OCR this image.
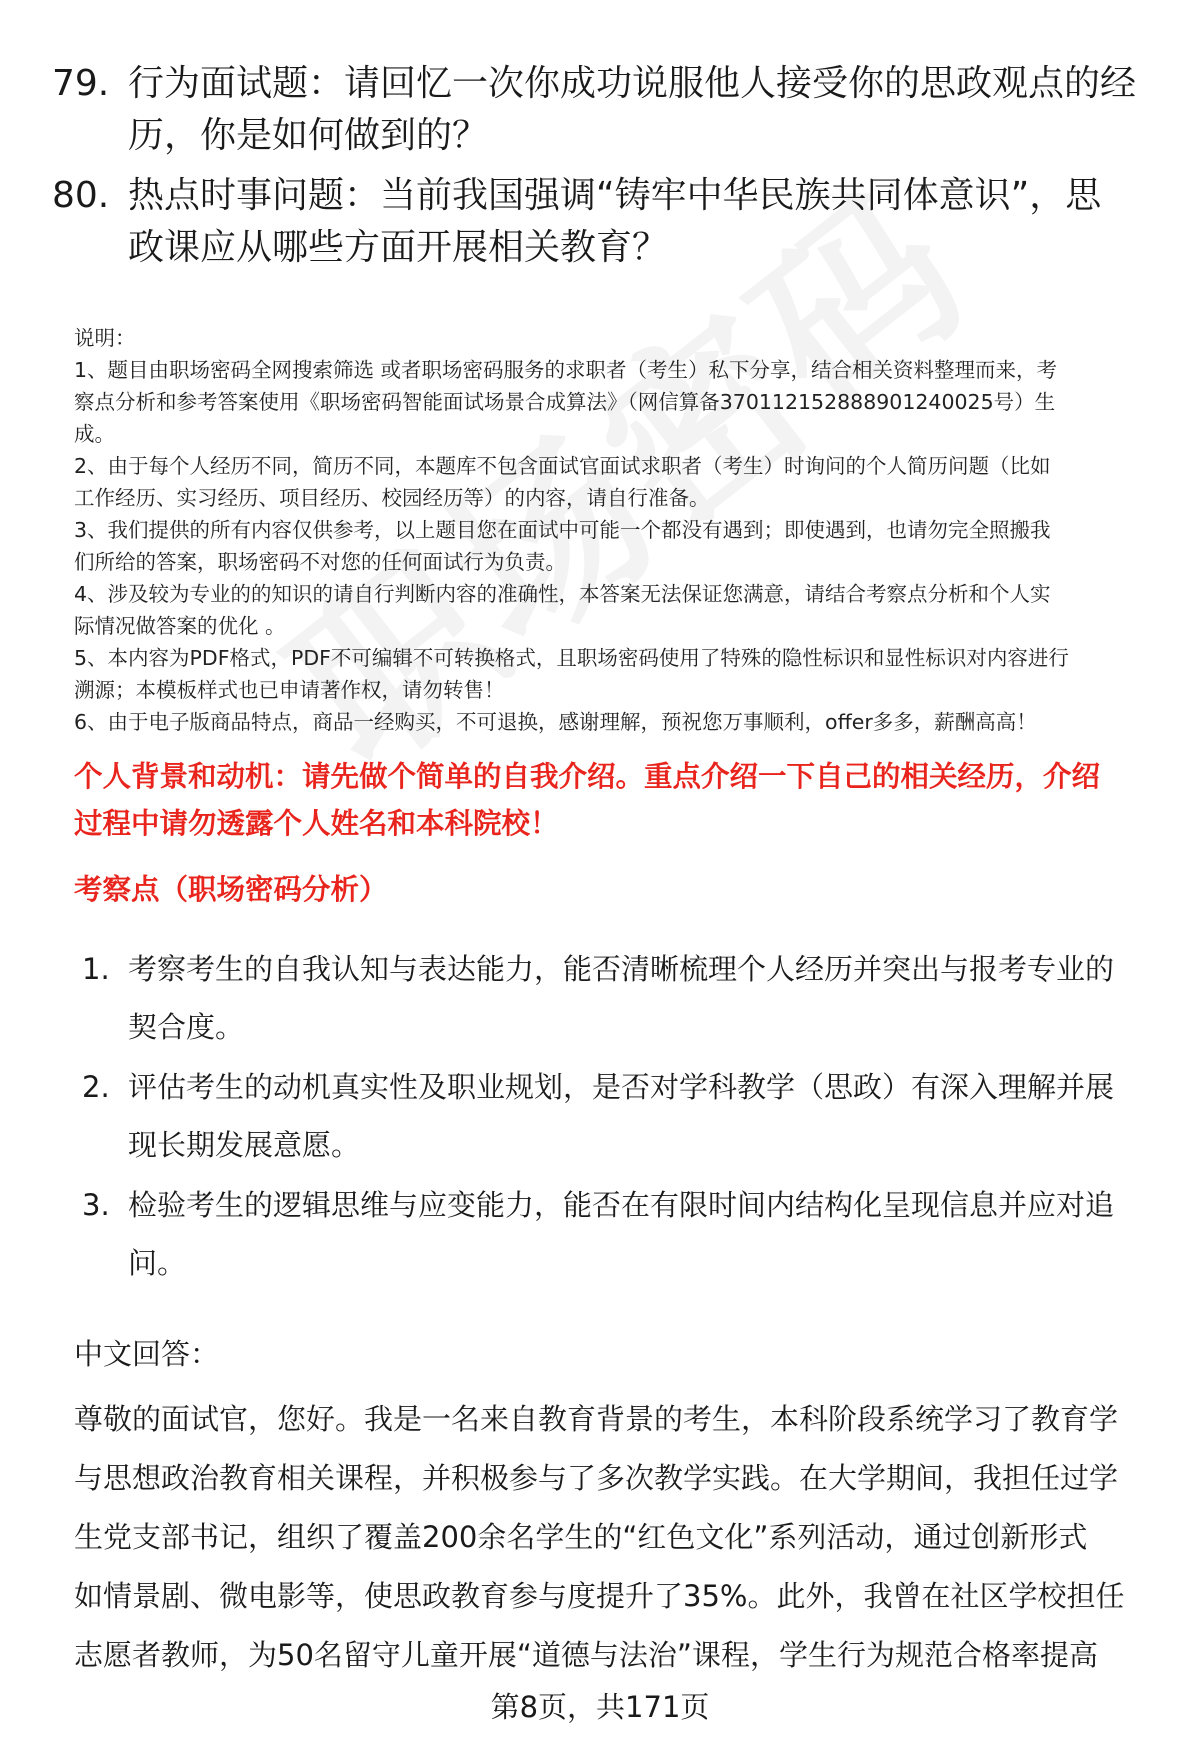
79. 行为面试题：请回忆一次你成功说服他人接受你的思政观点的经
历，你是如何做到的？
80. 热点时事问题：当前我国强调“铸牢中华民族共同体意识”，思
政课应从哪些方面开展相关教育？
说明：
1、题目由职场密码全网搜索筛选 或者职场密码服务的求职者（考生）私下分享，结合相关资料整理而来，考
察点分析和参考答案使用《职场密码智能面试场景合成算法》（网信算备370112152888901240025号）生
成。
2、由于每个人经历不同，简历不同，本题库不包含面试官面试求职者（考生）时询问的个人简历问题（比如
工作经历、实习经历、项目经历、校园经历等）的内容，请自行准备。
3、我们提供的所有内容仅供参考，以上题目您在面试中可能一个都没有遇到；即使遇到，也请勿完全照搬我
们所给的答案，职场密码不对您的任何面试行为负责。
4、涉及较为专业的的知识的请自行判断内容的准确性，本答案无法保证您满意，请结合考察点分析和个人实
际情况做答案的优化 。
5、本内容为PDF格式，PDF不可编辑不可转换格式，且职场密码使用了特殊的隐性标识和显性标识对内容进行
溯源；本模板样式也已申请著作权，请勿转售！
6、由于电子版商品特点，商品一经购买，不可退换，感谢理解，预祝您万事顺利，offer多多，薪酬高高！
个人背景和动机：请先做个简单的自我介绍。重点介绍一下自己的相关经历，介绍
过程中请勿透露个人姓名和本科院校！
考察点（职场密码分析）
1. 考察考生的自我认知与表达能力，能否清晰梳理个人经历并突出与报考专业的
契合度。
2. 评估考生的动机真实性及职业规划，是否对学科教学（思政）有深入理解并展
现长期发展意愿。
3. 检验考生的逻辑思维与应变能力，能否在有限时间内结构化呈现信息并应对追
问。
中文回答：
尊敬的面试官，您好。我是一名来自教育背景的考生，本科阶段系统学习了教育学
与思想政治教育相关课程，并积极参与了多次教学实践。在大学期间，我担任过学
生党支部书记，组织了覆盖200余名学生的“红色文化”系列活动，通过创新形式
如情景剧、微电影等，使思政教育参与度提升了35%。此外，我曾在社区学校担任
志愿者教师，为50名留守儿童开展“道德与法治”课程，学生行为规范合格率提高
第8页，共171页
